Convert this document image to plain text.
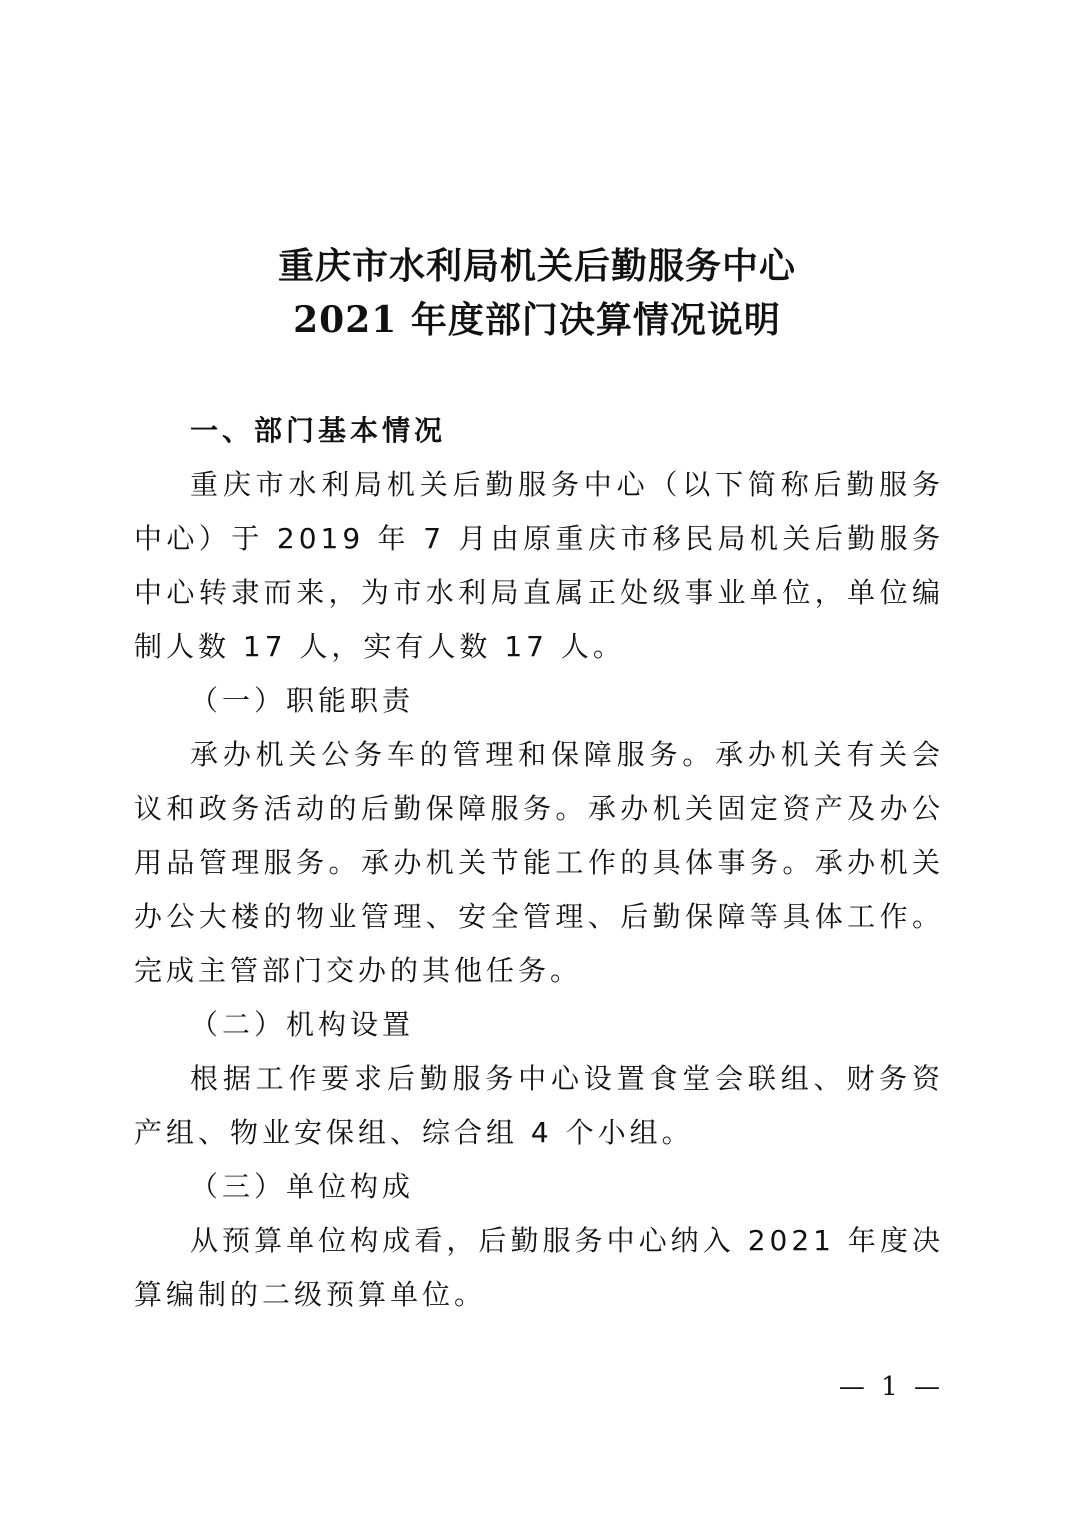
重庆市水利局机关后勤服务中心
2021 年度部门决算情况说明

一、部门基本情况

重庆市水利局机关后勤服务中心（以下简称后勤服务中心）于 2019 年 7 月由原重庆市移民局机关后勤服务中心转隶而来，为市水利局直属正处级事业单位，单位编制人数 17 人，实有人数 17 人。

（一）职能职责

承办机关公务车的管理和保障服务。承办机关有关会议和政务活动的后勤保障服务。承办机关固定资产及办公用品管理服务。承办机关节能工作的具体事务。承办机关办公大楼的物业管理、安全管理、后勤保障等具体工作。完成主管部门交办的其他任务。

（二）机构设置

根据工作要求后勤服务中心设置食堂会联组、财务资产组、物业安保组、综合组 4 个小组。

（三）单位构成

从预算单位构成看，后勤服务中心纳入 2021 年度决算编制的二级预算单位。

— 1 —
